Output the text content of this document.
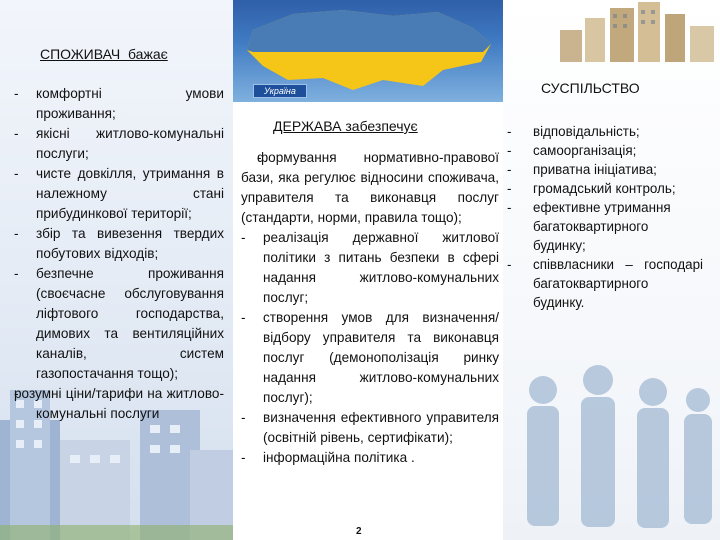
СПОЖИВАЧ  бажає
- комфортні умови проживання;
- якісні житлово-комунальні послуги;
- чисте довкілля, утримання в належному стані прибудинкової території;
- збір та вивезення твердих побутових відходів;
- безпечне проживання (своєчасне обслуговування ліфтового господарства, димових та вентиляційних каналів, систем газопостачання тощо);
- розумні ціни/тарифи на житлово-комунальні послуги
Україна
ДЕРЖАВА забезпечує
- формування нормативно-правової бази, яка регулює відносини споживача, управителя та виконавця послуг (стандарти, норми, правила тощо);
- реалізація державної житлової політики з питань безпеки в сфері надання житлово-комунальних послуг;
- створення умов для визначення/відбору управителя та виконавця послуг (демонополізація ринку надання житлово-комунальних послуг);
- визначення ефективного управителя (освітній рівень, сертифікати);
- інформаційна політика .
2
СУСПІЛЬСТВО
- відповідальність;
- самоорганізація;
- приватна ініціатива;
- громадський контроль;
- ефективне утримання багатоквартирного будинку;
- співвласники – господарі багатоквартирного будинку.
